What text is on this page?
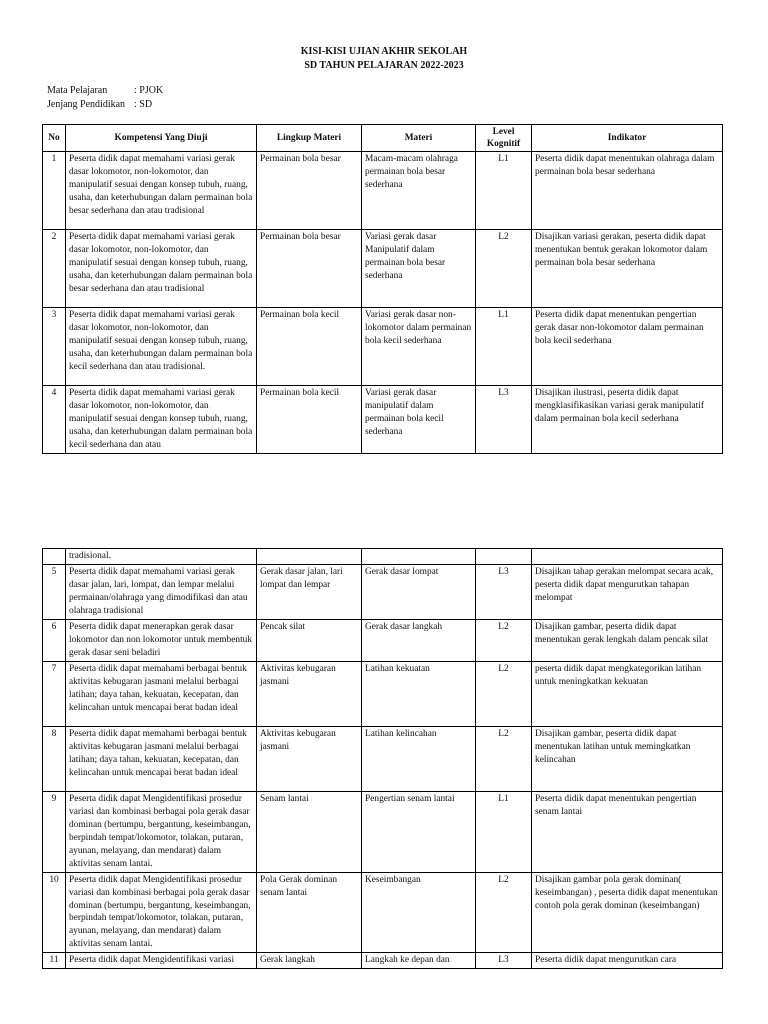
KISI-KISI UJIAN AKHIR SEKOLAH
SD TAHUN PELAJARAN 2022-2023
Mata Pelajaran	: PJOK
Jenjang Pendidikan : SD
No	Kompetensi Yang Diuji	Lingkup Materi	Materi	Level Kognitif	Indikator
1	Peserta didik dapat memahami variasi gerak dasar lokomotor, non-lokomotor, dan manipulatif sesuai dengan konsep tubuh, ruang, usaha, dan keterhubungan dalam permainan bola besar sederhana dan atau tradisional	Permainan bola besar	Macam-macam olahraga permainan bola besar sederhana	L1	Peserta didik dapat menentukan olahraga dalam permainan bola besar sederhana
2	Peserta didik dapat memahami variasi gerak dasar lokomotor, non-lokomotor, dan manipulatif sesuai dengan konsep tubuh, ruang, usaha, dan keterhubungan dalam permainan bola besar sederhana dan atau tradisional	Permainan bola besar	Variasi gerak dasar Manipulatif dalam permainan bola besar sederhana	L2	Disajikan variasi gerakan, peserta didik dapat menentukan bentuk gerakan lokomotor dalam permainan bola besar sederhana
3	Peserta didik dapat memahami variasi gerak dasar lokomotor, non-lokomotor, dan manipulatif sesuai dengan konsep tubuh, ruang, usaha, dan keterhubungan dalam permainan bola kecil sederhana dan atau tradisional.	Permainan bola kecil	Variasi gerak dasar non-lokomotor dalam permainan bola kecil sederhana	L1	Peserta didik dapat menentukan pengertian gerak dasar non-lokomotor dalam permainan bola kecil sederhana
4	Peserta didik dapat memahami variasi gerak dasar lokomotor, non-lokomotor, dan manipulatif sesuai dengan konsep tubuh, ruang, usaha, dan keterhubungan dalam permainan bola kecil sederhana dan atau	Permainan bola kecil	Variasi gerak dasar manipulatif dalam permainan bola kecil sederhana	L3	Disajikan ilustrasi, peserta didik dapat mengklasifikasikan variasi gerak manipulatif dalam permainan bola kecil sederhana
	tradisional.				
5	Peserta didik dapat memahami variasi gerak dasar jalan, lari, lompat, dan lempar melalui permainan/olahraga yang dimodifikasi dan atau olahraga tradisional	Gerak dasar jalan, lari lompat dan lempar	Gerak dasar lompat	L3	Disajikan tahap gerakan melompat secara acak, peserta didik dapat mengurutkan tahapan melompat
6	Peserta didik dapat menerapkan gerak dasar lokomotor dan non lokomotor untuk membentuk gerak dasar seni beladiri	Pencak silat	Gerak dasar langkah	L2	Disajikan gambar, peserta didik dapat menentukan gerak lengkah dalam pencak silat
7	Peserta didik dapat memahami berbagai bentuk aktivitas kebugaran jasmani melalui berbagai latihan; daya tahan, kekuatan, kecepatan, dan kelincahan untuk mencapai berat badan ideal	Aktivitas kebugaran jasmani	Latihan kekuatan	L2	peserta didik dapat mengkategorikan latihan untuk meningkatkan kekuatan
8	Peserta didik dapat memahami berbagai bentuk aktivitas kebugaran jasmani melalui berbagai latihan; daya tahan, kekuatan, kecepatan, dan kelincahan untuk mencapai berat badan ideal	Aktivitas kebugaran jasmani	Latihan kelincahan	L2	Disajikan gambar, peserta didik dapat menentukan latihan untuk memingkatkan kelincahan
9	Peserta didik dapat Mengidentifikasi prosedur variasi dan kombinasi berbagai pola gerak dasar dominan (bertumpu, bergantung, keseimbangan, berpindah tempat/lokomotor, tolakan, putaran, ayunan, melayang, dan mendarat) dalam aktivitas senam lantai.	Senam lantai	Pengertian senam lantai	L1	Peserta didik dapat menentukan pengertian senam lantai
10	Peserta didik dapat Mengidentifikasi prosedur variasi dan kombinasi berbagai pola gerak dasar dominan (bertumpu, bergantung, keseimbangan, berpindah tempat/lokomotor, tolakan, putaran, ayunan, melayang, dan mendarat) dalam aktivitas senam lantai.	Pola Gerak dominan senam lantai	Keseimbangan	L2	Disajikan gambar pola gerak dominan( keseimbangan) , peserta didik dapat menentukan contoh pola gerak dominan (keseimbangan)
11	Peserta didik dapat Mengidentifikasi variasi	Gerak langkah	Langkah ke depan dan	L3	Peserta didik dapat mengurutkan cara
